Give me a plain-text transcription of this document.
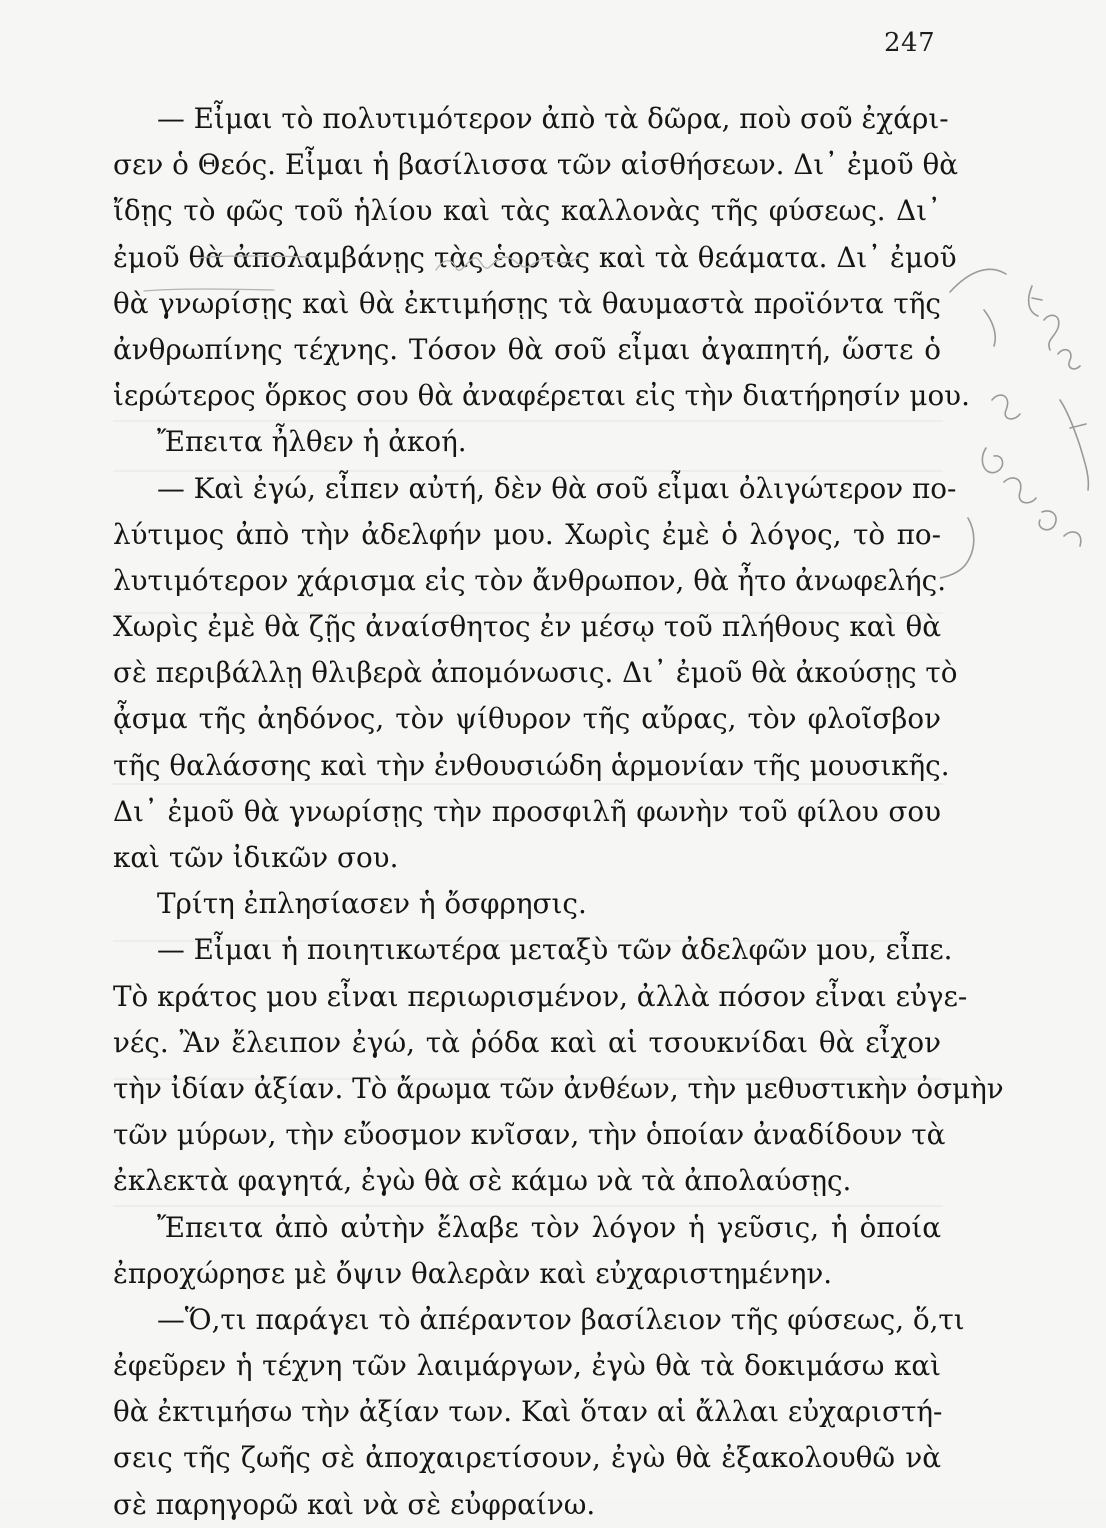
247
— Εἶμαι τὸ πολυτιμότερον ἀπὸ τὰ δῶρα, ποὺ σοῦ ἐχάρι-
σεν ὁ Θεός. Εἶμαι ἡ βασίλισσα τῶν αἰσθήσεων. Δι᾽ ἐμοῦ θὰ
ἴδῃς τὸ φῶς τοῦ ἡλίου καὶ τὰς καλλονὰς τῆς φύσεως. Δι᾽
ἐμοῦ θὰ ἀπολαμβάνῃς τὰς ἑορτὰς καὶ τὰ θεάματα. Δι᾽ ἐμοῦ
θὰ γνωρίσῃς καὶ θὰ ἐκτιμήσῃς τὰ θαυμαστὰ προϊόντα τῆς
ἀνθρωπίνης τέχνης. Τόσον θὰ σοῦ εἶμαι ἀγαπητή, ὥστε ὁ
ἱερώτερος ὅρκος σου θὰ ἀναφέρεται εἰς τὴν διατήρησίν μου.
Ἔπειτα ἦλθεν ἡ ἀκοή.
— Καὶ ἐγώ, εἶπεν αὐτή, δὲν θὰ σοῦ εἶμαι ὀλιγώτερον πο-
λύτιμος ἀπὸ τὴν ἀδελφήν μου. Χωρὶς ἐμὲ ὁ λόγος, τὸ πο-
λυτιμότερον χάρισμα εἰς τὸν ἄνθρωπον, θὰ ἦτο ἀνωφελής.
Χωρὶς ἐμὲ θὰ ζῇς ἀναίσθητος ἐν μέσῳ τοῦ πλήθους καὶ θὰ
σὲ περιβάλλῃ θλιβερὰ ἀπομόνωσις. Δι᾽ ἐμοῦ θὰ ἀκούσῃς τὸ
ᾆσμα τῆς ἀηδόνος, τὸν ψίθυρον τῆς αὔρας, τὸν φλοῖσβον
τῆς θαλάσσης καὶ τὴν ἐνθουσιώδη ἁρμονίαν τῆς μουσικῆς.
Δι᾽ ἐμοῦ θὰ γνωρίσῃς τὴν προσφιλῆ φωνὴν τοῦ φίλου σου
καὶ τῶν ἰδικῶν σου.
Τρίτη ἐπλησίασεν ἡ ὄσφρησις.
— Εἶμαι ἡ ποιητικωτέρα μεταξὺ τῶν ἀδελφῶν μου, εἶπε.
Τὸ κράτος μου εἶναι περιωρισμένον, ἀλλὰ πόσον εἶναι εὐγε-
νές. Ἂν ἔλειπον ἐγώ, τὰ ῥόδα καὶ αἱ τσουκνίδαι θὰ εἶχον
τὴν ἰδίαν ἀξίαν. Τὸ ἄρωμα τῶν ἀνθέων, τὴν μεθυστικὴν ὀσμὴν
τῶν μύρων, τὴν εὔοσμον κνῖσαν, τὴν ὁποίαν ἀναδίδουν τὰ
ἐκλεκτὰ φαγητά, ἐγὼ θὰ σὲ κάμω νὰ τὰ ἀπολαύσῃς.
Ἔπειτα ἀπὸ αὐτὴν ἔλαβε τὸν λόγον ἡ γεῦσις, ἡ ὁποία
ἐπροχώρησε μὲ ὄψιν θαλερὰν καὶ εὐχαριστημένην.
—Ὅ,τι παράγει τὸ ἀπέραντον βασίλειον τῆς φύσεως, ὅ,τι
ἐφεῦρεν ἡ τέχνη τῶν λαιμάργων, ἐγὼ θὰ τὰ δοκιμάσω καὶ
θὰ ἐκτιμήσω τὴν ἀξίαν των. Καὶ ὅταν αἱ ἄλλαι εὐχαριστή-
σεις τῆς ζωῆς σὲ ἀποχαιρετίσουν, ἐγὼ θὰ ἐξακολουθῶ νὰ
σὲ παρηγορῶ καὶ νὰ σὲ εὐφραίνω.
